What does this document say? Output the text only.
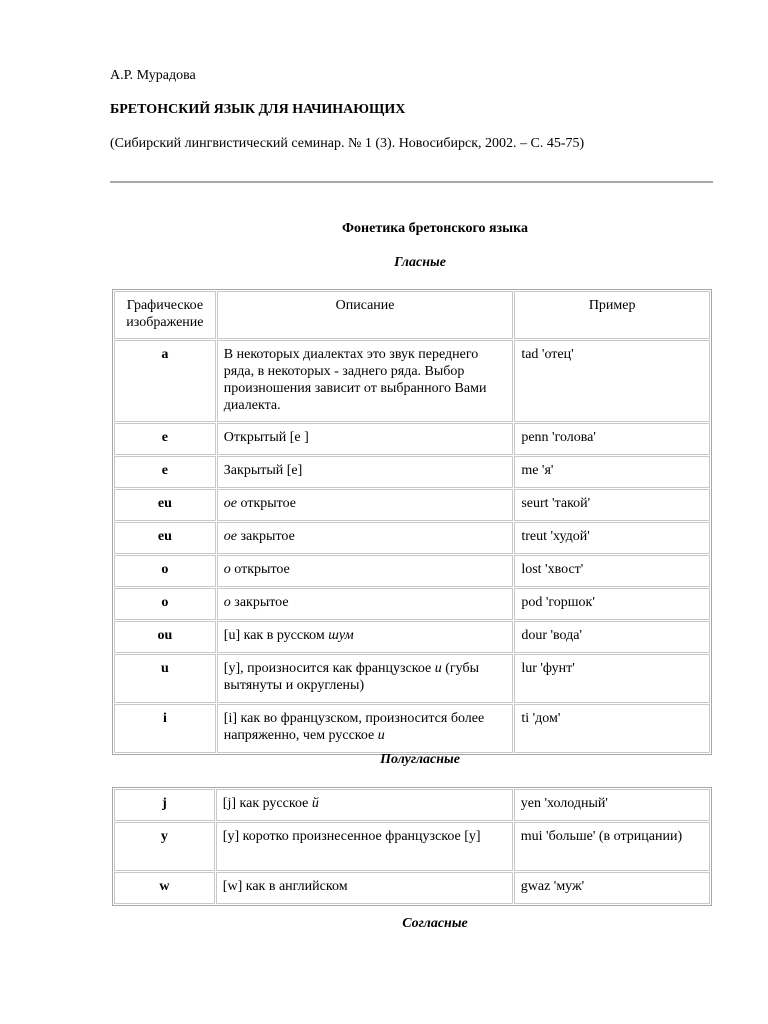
А.Р. Мурадова
БРЕТОНСКИЙ ЯЗЫК ДЛЯ НАЧИНАЮЩИХ
(Сибирский лингвистический семинар. № 1 (3). Новосибирск, 2002. – С. 45-75)
Фонетика бретонского языка
Гласные
Графическое изображение	Описание	Пример
a	В некоторых диалектах это звук переднего ряда, в некоторых - заднего ряда. Выбор произношения зависит от выбранного Вами диалекта.	tad 'отец'
e	Открытый [e ]	penn 'голова'
e	Закрытый [e]	me 'я'
eu	oe открытое	seurt 'такой'
eu	oe закрытое	treut 'худой'
o	o открытое	lost 'хвост'
o	o закрытое	pod 'горшок'
ou	[u] как в русском шум	dour 'вода'
u	[y], произносится как французское u (губы вытянуты и округлены)	lur 'фунт'
i	[i] как во французском, произносится более напряженно, чем русское и	ti 'дом'
Полугласные
j	[j] как русское й	yen 'холодный'
y	[y] коротко произнесенное французское [y]	mui 'больше' (в отрицании)
w	[w] как в английском	gwaz 'муж'
Согласные
